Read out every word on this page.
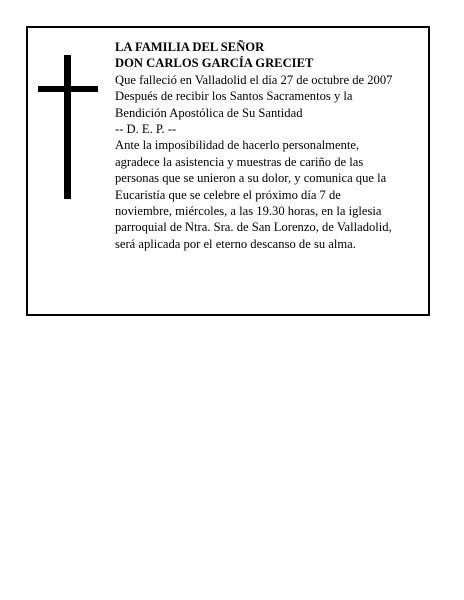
LA FAMILIA DEL SEÑOR
DON CARLOS GARCÍA GRECIET
Que falleció en Valladolid el día 27 de octubre de 2007
Después de recibir los Santos Sacramentos y la
Bendición Apostólica de Su Santidad
-- D. E. P. --
Ante la imposibilidad de hacerlo personalmente,
agradece la asistencia y muestras de cariño de las
personas que se unieron a su dolor, y comunica que la
Eucaristía que se celebre el próximo día 7 de
noviembre, miércoles, a las 19.30 horas, en la iglesia
parroquial de Ntra. Sra. de San Lorenzo, de Valladolid,
será aplicada por el eterno descanso de su alma.
